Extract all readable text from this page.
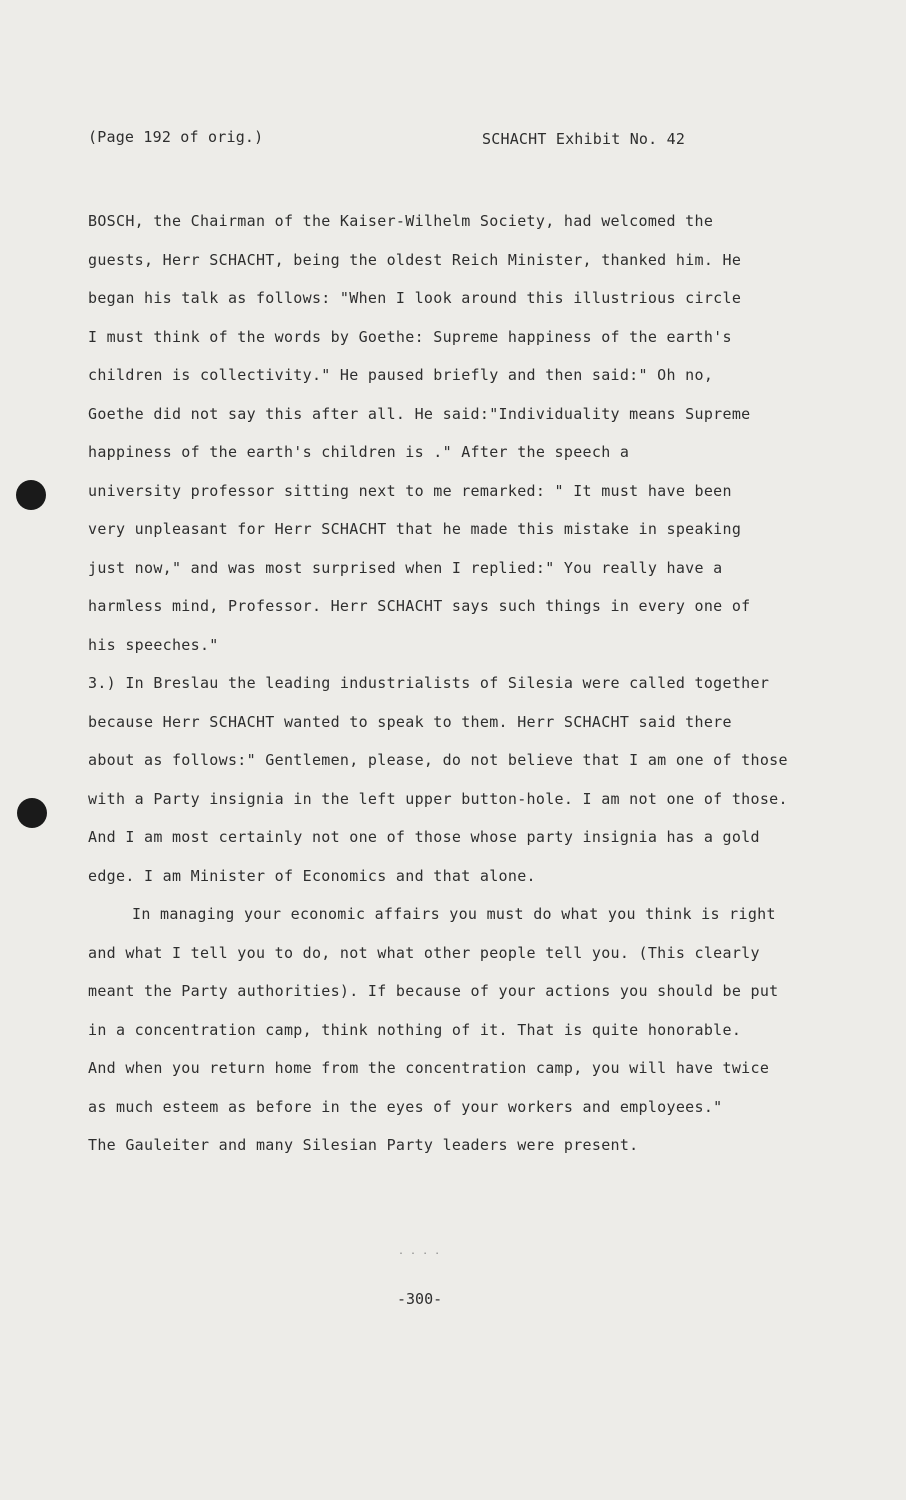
(Page 192 of orig.)	SCHACHT Exhibit No. 42
BOSCH, the Chairman of the Kaiser-Wilhelm Society, had welcomed the
guests, Herr SCHACHT, being the oldest Reich Minister, thanked him. He
began his talk as follows: "When I look around this illustrious circle
I must think of the words by Goethe: Supreme happiness of the earth's
children is collectivity." He paused briefly and then said:" Oh no,
Goethe did not say this after all. He said:"Individuality means Supreme
happiness of the earth's children is ." After the speech a
university professor sitting next to me remarked: " It must have been
very unpleasant for Herr SCHACHT that he made this mistake in speaking
just now," and was most surprised when I replied:" You really have a
harmless mind, Professor. Herr SCHACHT says such things in every one of
his speeches."
3.) In Breslau the leading industrialists of Silesia were called together
because Herr SCHACHT wanted to speak to them. Herr SCHACHT said there
about as follows:" Gentlemen, please, do not believe that I am one of those
with a Party insignia in the left upper button-hole. I am not one of those.
And I am most certainly not one of those whose party insignia has a gold
edge. I am Minister of Economics and that alone.
In managing your economic affairs you must do what you think is right
and what I tell you to do, not what other people tell you. (This clearly
meant the Party authorities). If because of your actions you should be put
in a concentration camp, think nothing of it. That is quite honorable.
And when you return home from the concentration camp, you will have twice
as much esteem as before in the eyes of your workers and employees."
The Gauleiter and many Silesian Party leaders were present.
. . . .
-300-
